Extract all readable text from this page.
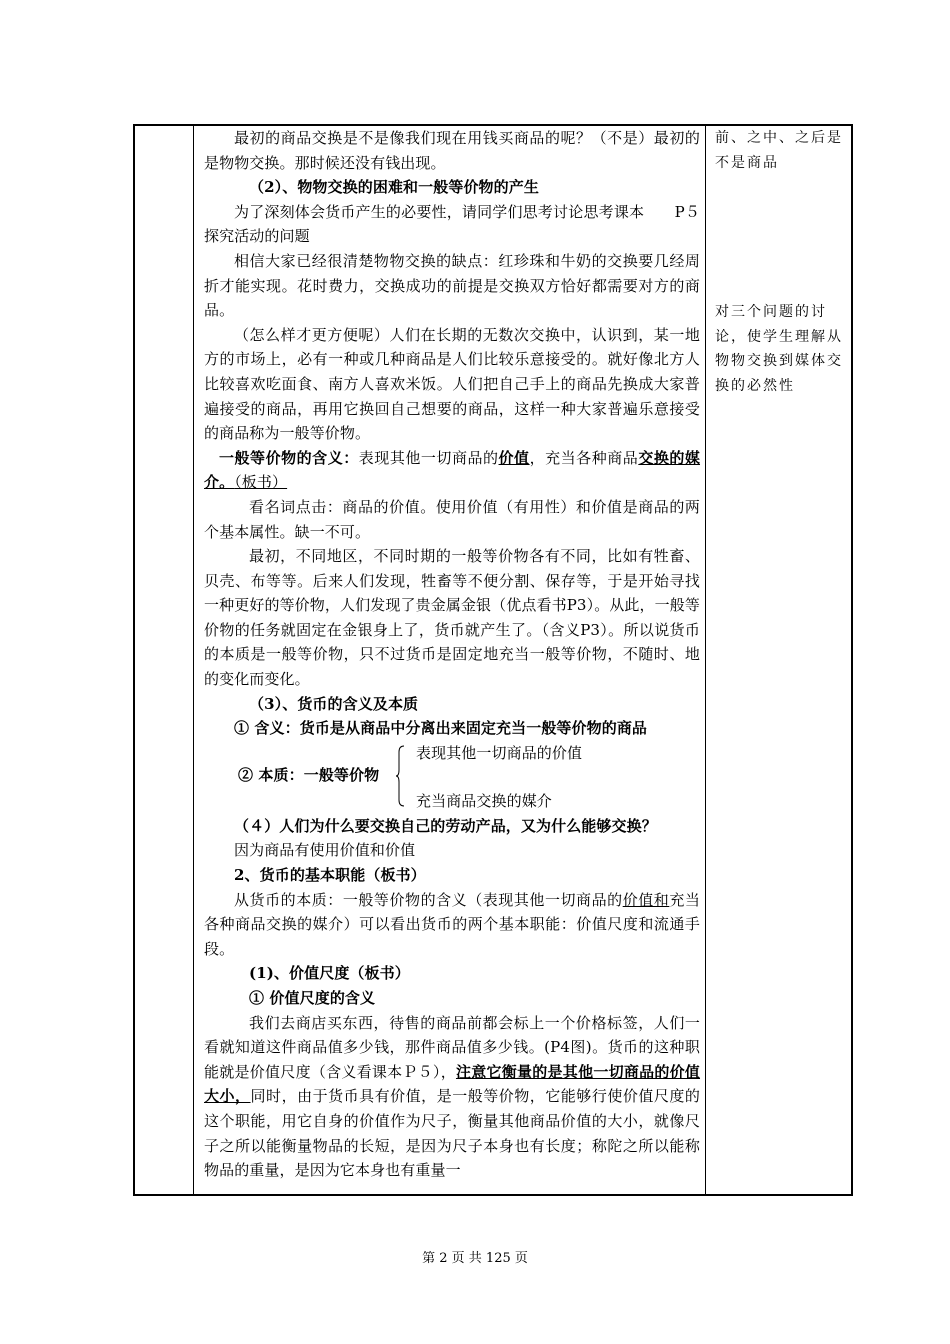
最初的商品交换是不是像我们现在用钱买商品的呢？（不是）最初的是物物交换。那时候还没有钱出现。

（2）、物物交换的困难和一般等价物的产生

为了深刻体会货币产生的必要性，请同学们思考讨论思考课本　　P５探究活动的问题

相信大家已经很清楚物物交换的缺点：红珍珠和牛奶的交换要几经周折才能实现。花时费力，交换成功的前提是交换双方恰好都需要对方的商品。

（怎么样才更方便呢）人们在长期的无数次交换中，认识到，某一地方的市场上，必有一种或几种商品是人们比较乐意接受的。就好像北方人比较喜欢吃面食、南方人喜欢米饭。人们把自己手上的商品先换成大家普遍接受的商品，再用它换回自己想要的商品，这样一种大家普遍乐意接受的商品称为一般等价物。

一般等价物的含义：表现其他一切商品的价值，充当各种商品交换的媒介。（板书）

看名词点击：商品的价值。使用价值（有用性）和价值是商品的两个基本属性。缺一不可。

最初，不同地区，不同时期的一般等价物各有不同，比如有牲畜、贝壳、布等等。后来人们发现，牲畜等不便分割、保存等，于是开始寻找一种更好的等价物，人们发现了贵金属金银（优点看书P3）。从此，一般等价物的任务就固定在金银身上了，货币就产生了。（含义P3）。所以说货币的本质是一般等价物，只不过货币是固定地充当一般等价物，不随时、地的变化而变化。

（3）、货币的含义及本质

① 含义：货币是从商品中分离出来固定充当一般等价物的商品

② 本质：一般等价物
表现其他一切商品的价值
充当商品交换的媒介

（４）人们为什么要交换自己的劳动产品，又为什么能够交换？

因为商品有使用价值和价值

2、货币的基本职能（板书）

从货币的本质：一般等价物的含义（表现其他一切商品的价值和充当各种商品交换的媒介）可以看出货币的两个基本职能：价值尺度和流通手段。

(1)、价值尺度（板书）

① 价值尺度的含义

我们去商店买东西，待售的商品前都会标上一个价格标签，人们一看就知道这件商品值多少钱，那件商品值多少钱。(P4图)。货币的这种职能就是价值尺度（含义看课本Ｐ５），注意它衡量的是其他一切商品的价值大小，同时，由于货币具有价值，是一般等价物，它能够行使价值尺度的这个职能，用它自身的价值作为尺子，衡量其他商品价值的大小，就像尺子之所以能衡量物品的长短，是因为尺子本身也有长度；称陀之所以能称物品的重量，是因为它本身也有重量一

前、之中、之后是不是商品

对三个问题的讨论，使学生理解从物物交换到媒体交换的必然性

第 2 页 共 125 页
